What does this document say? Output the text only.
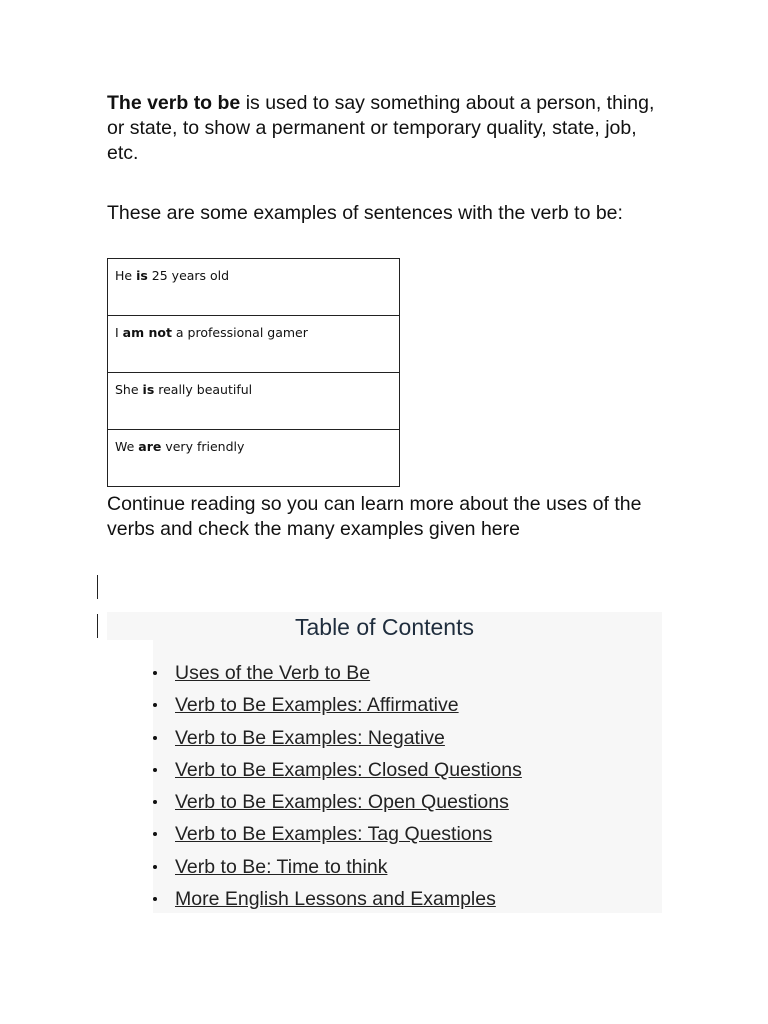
The verb to be is used to say something about a person, thing, or state, to show a permanent or temporary quality, state, job, etc.

These are some examples of sentences with the verb to be:

He is 25 years old
I am not a professional gamer
She is really beautiful
We are very friendly

Continue reading so you can learn more about the uses of the verbs and check the many examples given here

Table of Contents
Uses of the Verb to Be
Verb to Be Examples: Affirmative
Verb to Be Examples: Negative
Verb to Be Examples: Closed Questions
Verb to Be Examples: Open Questions
Verb to Be Examples: Tag Questions
Verb to Be: Time to think
More English Lessons and Examples
